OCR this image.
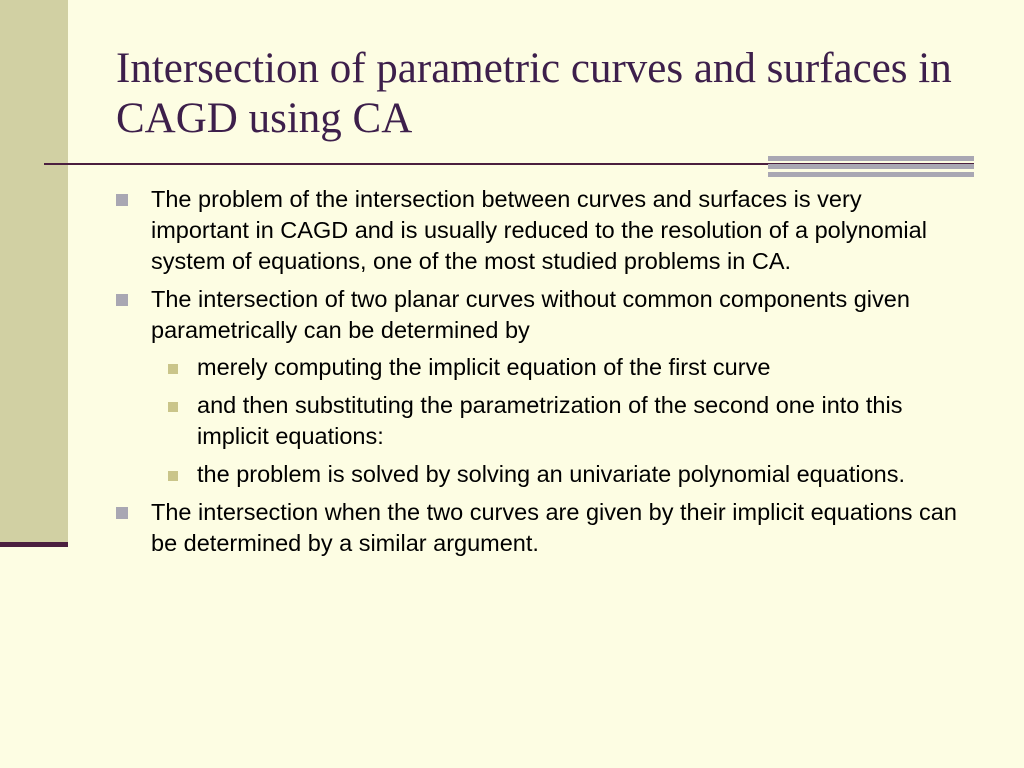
Intersection of parametric curves and surfaces in CAGD using CA
The problem of the intersection between curves and surfaces is very important in CAGD and is usually reduced to the resolution of a polynomial system of equations, one of the most studied problems in CA.
The intersection of two planar curves without common components given parametrically can be determined by
merely computing the implicit equation of the first curve
and then substituting the parametrization of the second one into this implicit equations:
the problem is solved by solving an univariate polynomial equations.
The intersection when the two curves are given by their implicit equations can be determined by a similar argument.
